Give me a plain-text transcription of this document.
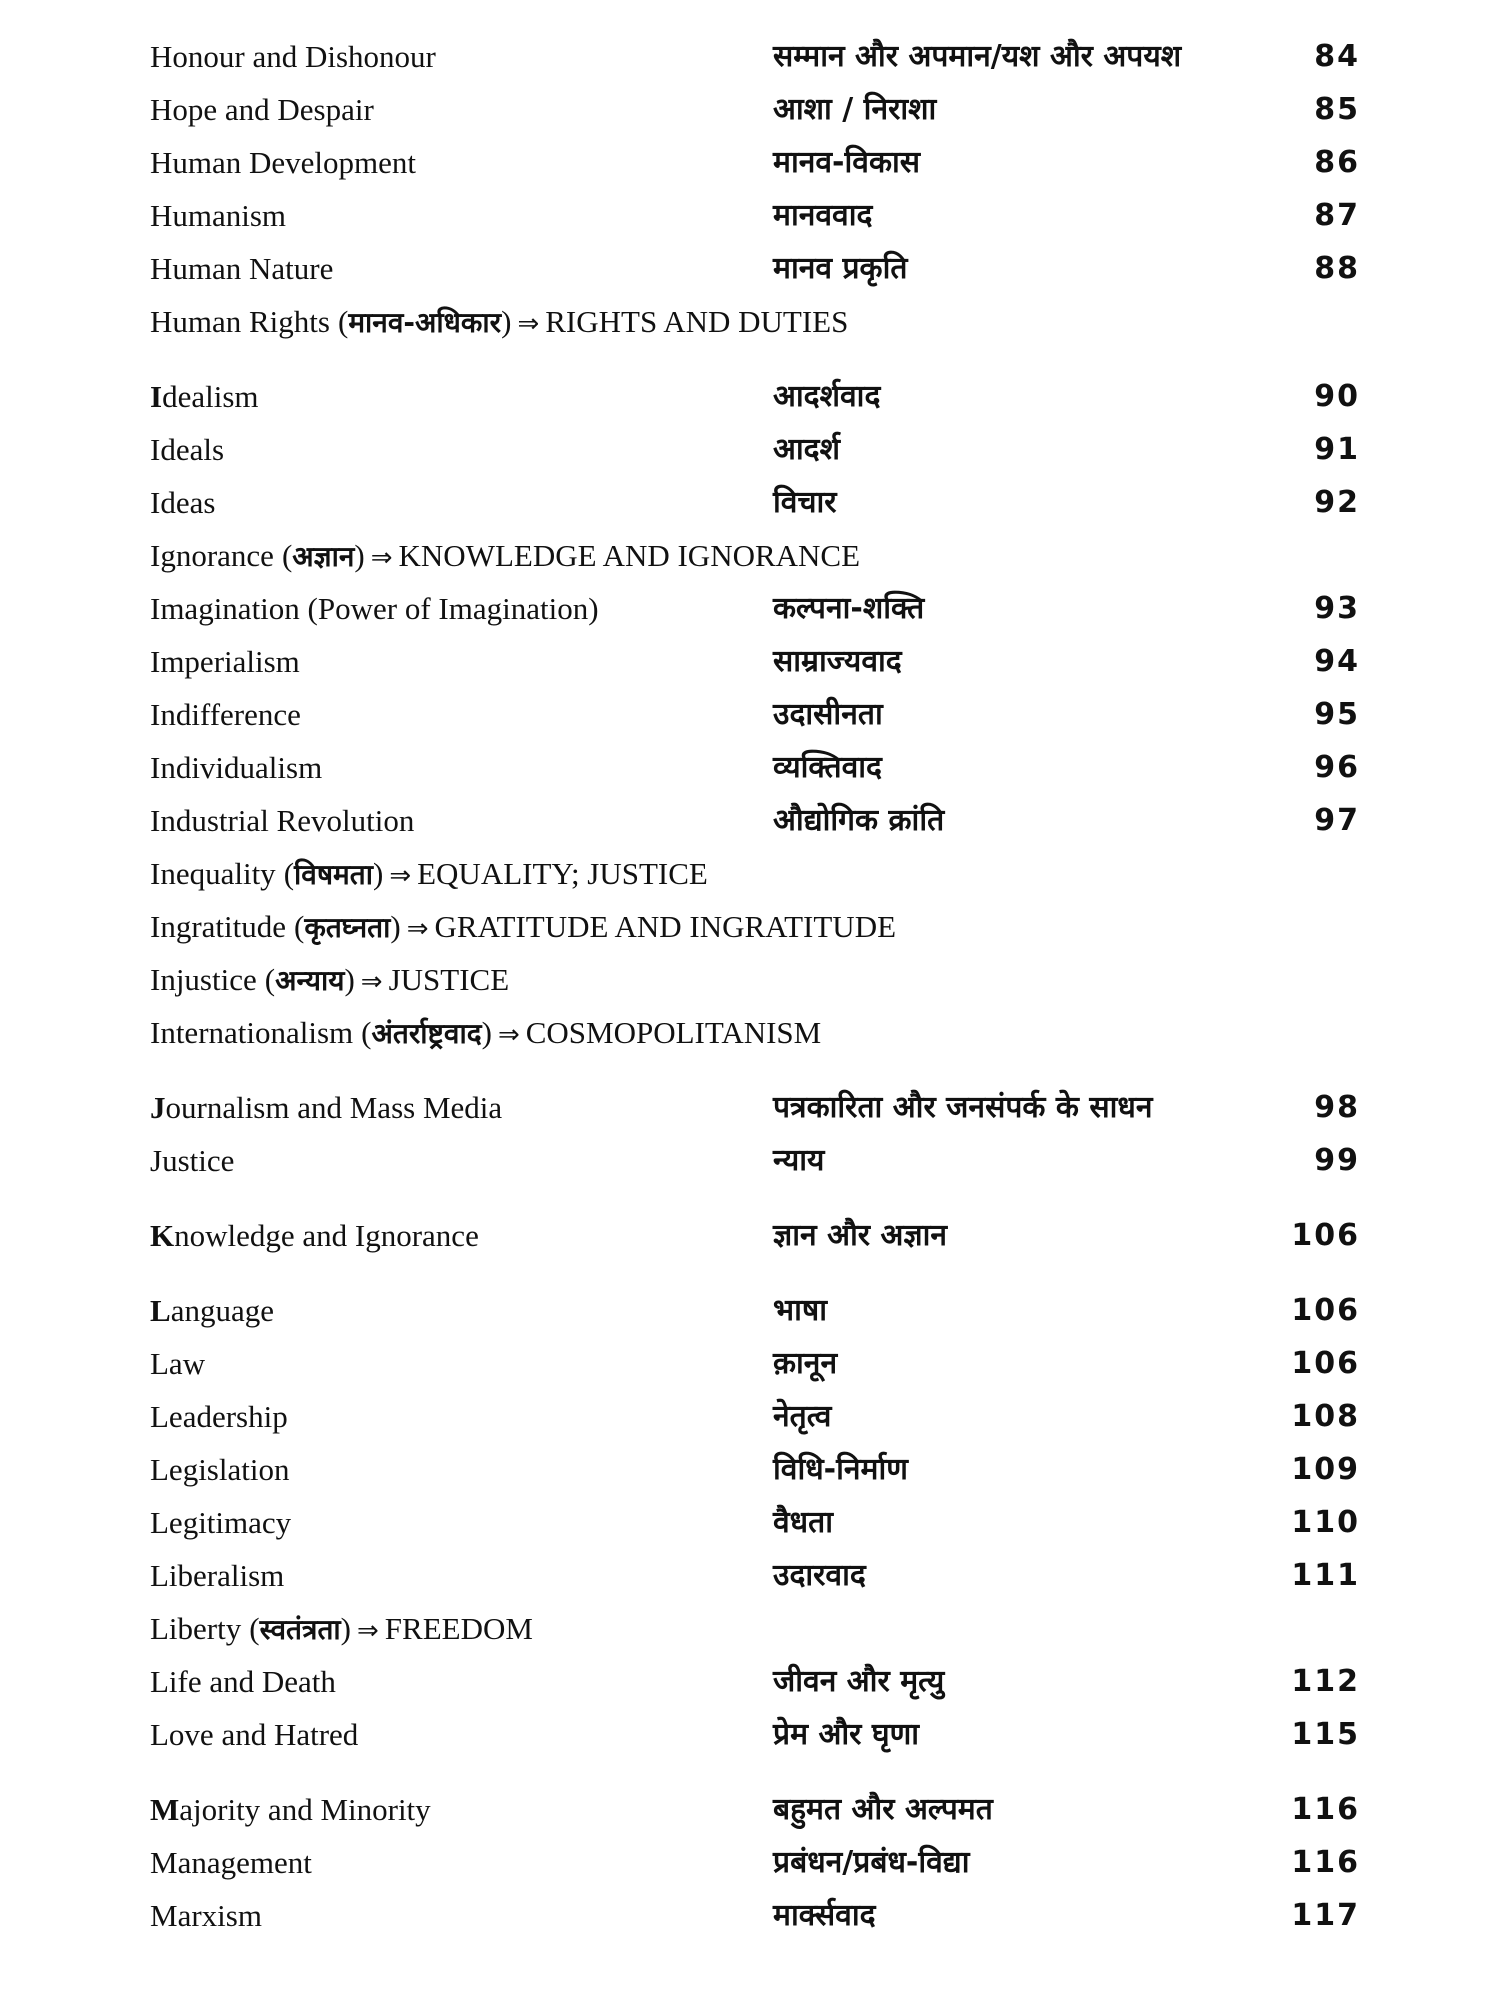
Honour and Dishonour	सम्मान और अपमान/यश और अपयश	84
Hope and Despair	आशा / निराशा	85
Human Development	मानव-विकास	86
Humanism	मानववाद	87
Human Nature	मानव प्रकृति	88
Human Rights (मानव-अधिकार) ⇒ RIGHTS AND DUTIES
Idealism	आदर्शवाद	90
Ideals	आदर्श	91
Ideas	विचार	92
Ignorance (अज्ञान) ⇒ KNOWLEDGE AND IGNORANCE
Imagination (Power of Imagination)	कल्पना-शक्ति	93
Imperialism	साम्राज्यवाद	94
Indifference	उदासीनता	95
Individualism	व्यक्तिवाद	96
Industrial Revolution	औद्योगिक क्रांति	97
Inequality (विषमता) ⇒ EQUALITY; JUSTICE
Ingratitude (कृतघ्नता) ⇒ GRATITUDE AND INGRATITUDE
Injustice (अन्याय) ⇒ JUSTICE
Internationalism (अंतर्राष्ट्रवाद) ⇒ COSMOPOLITANISM
Journalism and Mass Media	पत्रकारिता और जनसंपर्क के साधन	98
Justice	न्याय	99
Knowledge and Ignorance	ज्ञान और अज्ञान	106
Language	भाषा	106
Law	क़ानून	106
Leadership	नेतृत्व	108
Legislation	विधि-निर्माण	109
Legitimacy	वैधता	110
Liberalism	उदारवाद	111
Liberty (स्वतंत्रता) ⇒ FREEDOM
Life and Death	जीवन और मृत्यु	112
Love and Hatred	प्रेम और घृणा	115
Majority and Minority	बहुमत और अल्पमत	116
Management	प्रबंधन/प्रबंध-विद्या	116
Marxism	मार्क्सवाद	117
